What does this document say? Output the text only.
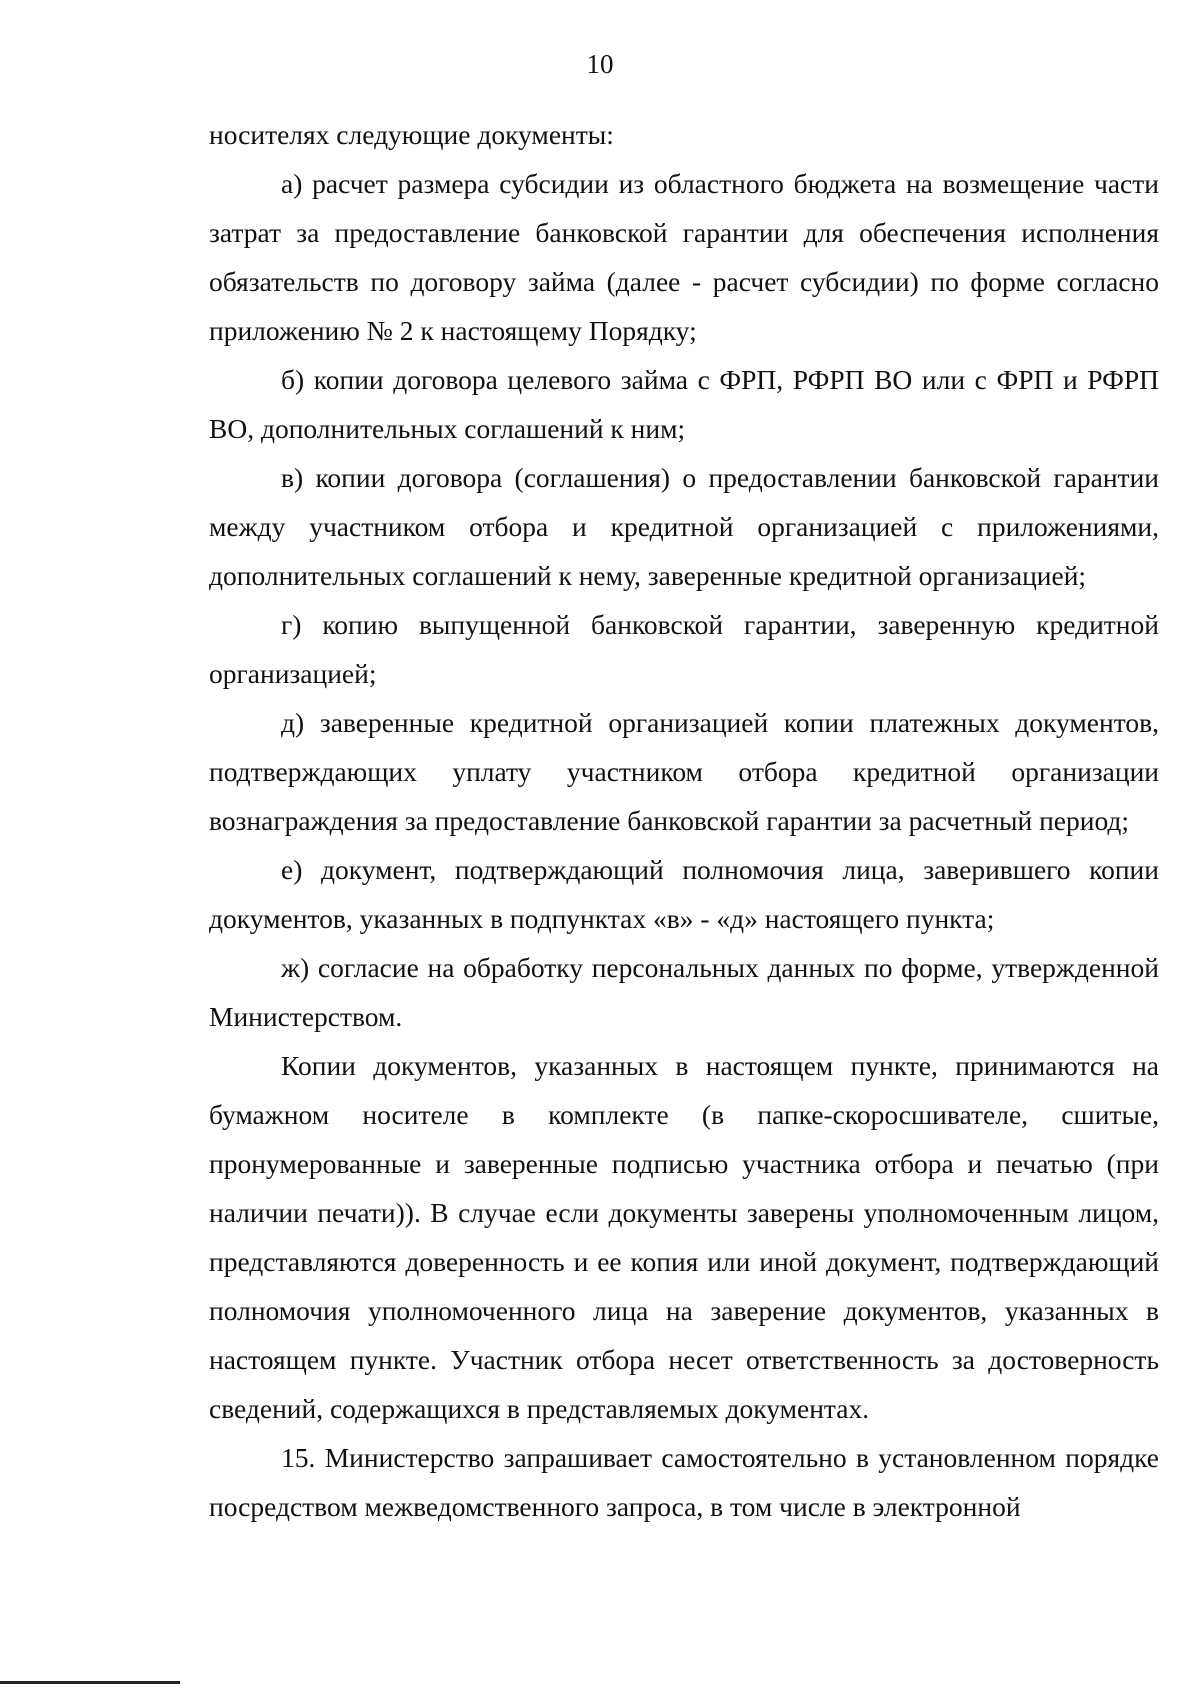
10

носителях следующие документы:

а) расчет размера субсидии из областного бюджета на возмещение части затрат за предоставление банковской гарантии для обеспечения исполнения обязательств по договору займа (далее - расчет субсидии) по форме согласно приложению № 2 к настоящему Порядку;

б) копии договора целевого займа с ФРП, РФРП ВО или с ФРП и РФРП ВО, дополнительных соглашений к ним;

в) копии договора (соглашения) о предоставлении банковской гарантии между участником отбора и кредитной организацией с приложениями, дополнительных соглашений к нему, заверенные кредитной организацией;

г) копию выпущенной банковской гарантии, заверенную кредитной организацией;

д) заверенные кредитной организацией копии платежных документов, подтверждающих уплату участником отбора кредитной организации вознаграждения за предоставление банковской гарантии за расчетный период;

е) документ, подтверждающий полномочия лица, заверившего копии документов, указанных в подпунктах «в» - «д» настоящего пункта;

ж) согласие на обработку персональных данных по форме, утвержденной Министерством.

Копии документов, указанных в настоящем пункте, принимаются на бумажном носителе в комплекте (в папке-скоросшивателе, сшитые, пронумерованные и заверенные подписью участника отбора и печатью (при наличии печати)). В случае если документы заверены уполномоченным лицом, представляются доверенность и ее копия или иной документ, подтверждающий полномочия уполномоченного лица на заверение документов, указанных в настоящем пункте. Участник отбора несет ответственность за достоверность сведений, содержащихся в представляемых документах.

15. Министерство запрашивает самостоятельно в установленном порядке посредством межведомственного запроса, в том числе в электронной
